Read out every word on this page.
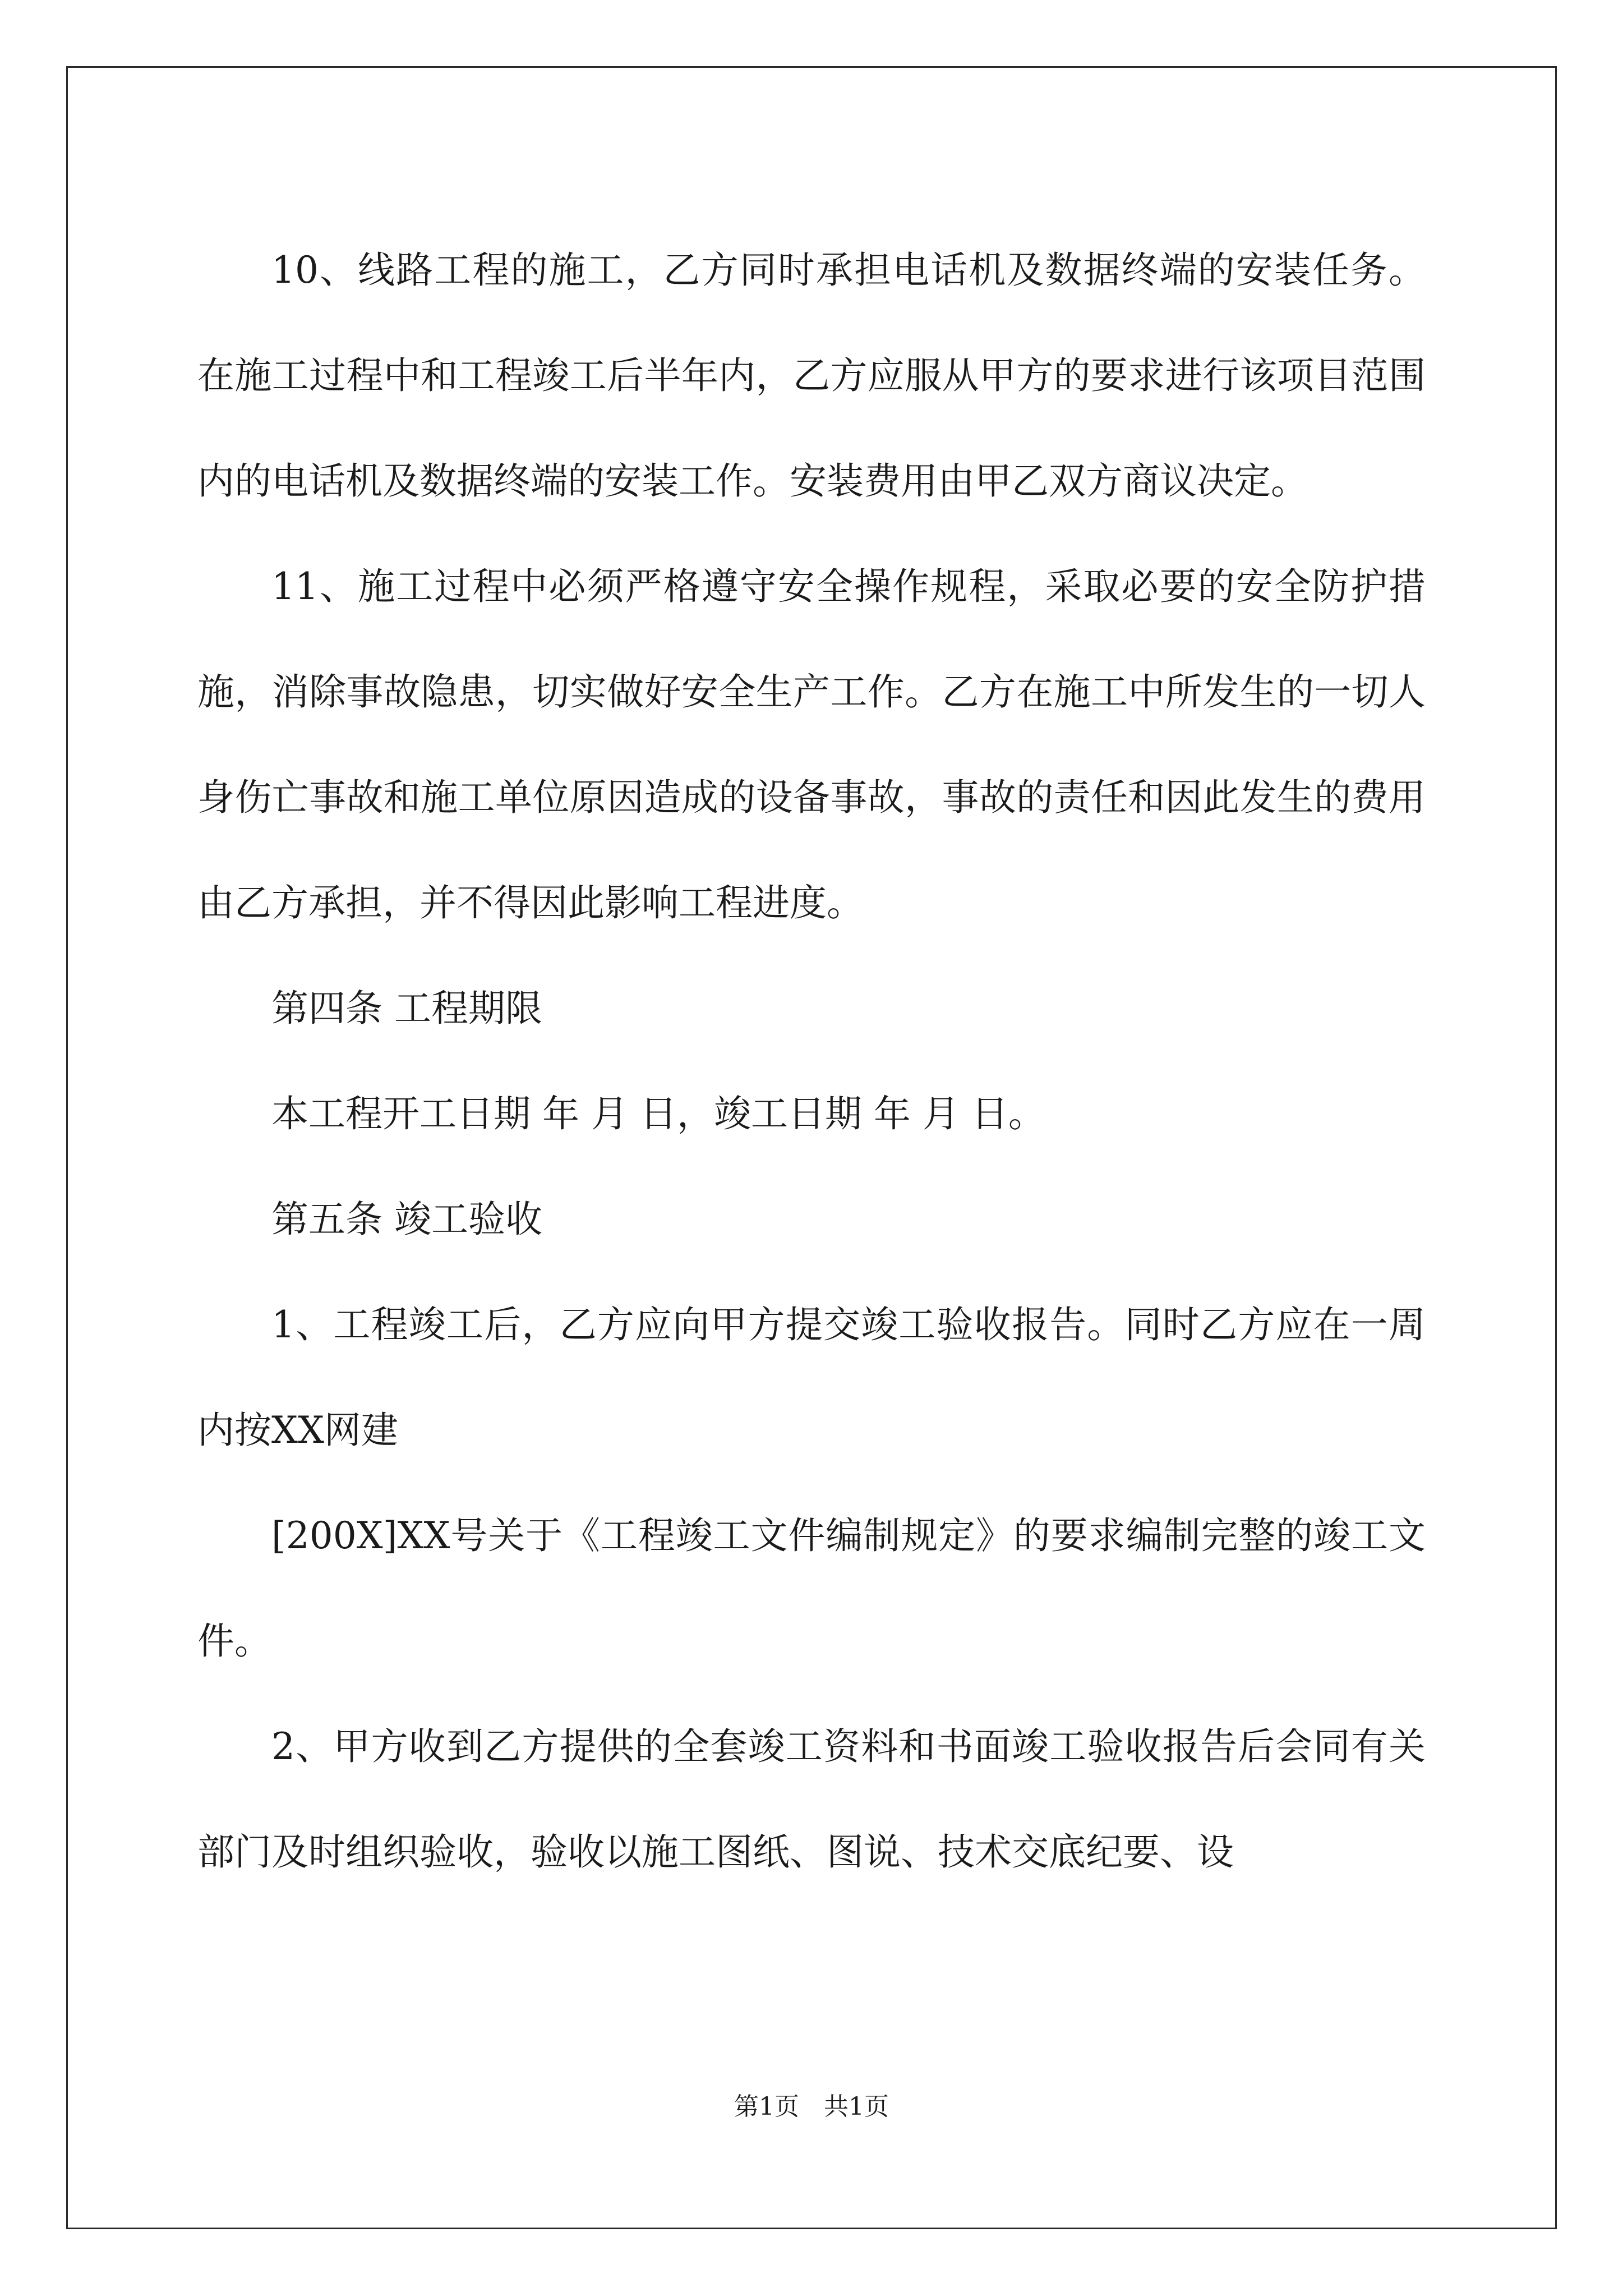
10、线路工程的施工，乙方同时承担电话机及数据终端的安装任务。在施工过程中和工程竣工后半年内，乙方应服从甲方的要求进行该项目范围内的电话机及数据终端的安装工作。安装费用由甲乙双方商议决定。

11、施工过程中必须严格遵守安全操作规程，采取必要的安全防护措施，消除事故隐患，切实做好安全生产工作。乙方在施工中所发生的一切人身伤亡事故和施工单位原因造成的设备事故，事故的责任和因此发生的费用由乙方承担，并不得因此影响工程进度。

第四条 工程期限

本工程开工日期 年 月 日，竣工日期 年 月 日。

第五条 竣工验收

1、工程竣工后，乙方应向甲方提交竣工验收报告。同时乙方应在一周内按XX网建

[200X]XX号关于《工程竣工文件编制规定》的要求编制完整的竣工文件。

2、甲方收到乙方提供的全套竣工资料和书面竣工验收报告后会同有关部门及时组织验收，验收以施工图纸、图说、技术交底纪要、设

第1页 共1页
